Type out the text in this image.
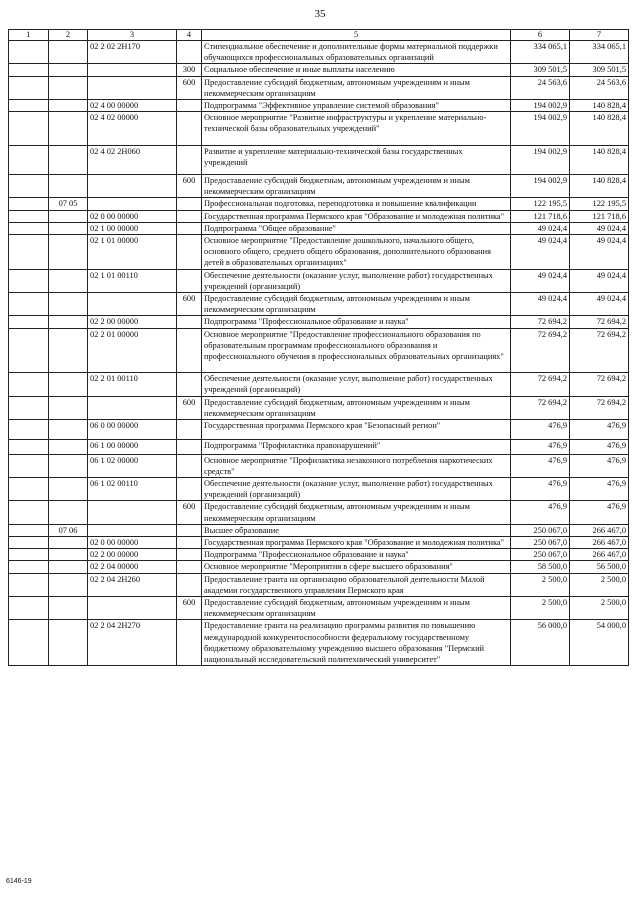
35
1	2	3	4	5	6	7
		02 2 02 2Н170		Стипендиальное обеспечение и дополнительные формы материальной поддержки обучающихся профессиональных образовательных организаций	334 065,1	334 065,1
			300	Социальное обеспечение и иные выплаты населению	309 501,5	309 501,5
			600	Предоставление субсидий бюджетным, автономным учреждениям и иным некоммерческим организациям	24 563,6	24 563,6
		02 4 00 00000		Подпрограмма "Эффективное управление системой образования"	194 002,9	140 828,4
		02 4 02 00000		Основное мероприятие "Развитие инфраструктуры и укрепление материально-технической базы образовательных учреждений"	194 002,9	140 828,4
		02 4 02 2Н060		Развитие и укрепление материально-технической базы государственных учреждений	194 002,9	140 828,4
			600	Предоставление субсидий бюджетным, автономным учреждениям и иным некоммерческим организациям	194 002,9	140 828,4
	07 05			Профессиональная подготовка, переподготовка и повышение квалификации	122 195,5	122 195,5
		02 0 00 00000		Государственная программа Пермского края "Образование и молодежная политика"	121 718,6	121 718,6
		02 1 00 00000		Подпрограмма "Общее образование"	49 024,4	49 024,4
		02 1 01 00000		Основное мероприятие "Предоставление дошкольного, начального общего, основного общего, среднего общего образования, дополнительного образования детей в образовательных организациях"	49 024,4	49 024,4
		02 1 01 00110		Обеспечение деятельности (оказание услуг, выполнение работ) государственных учреждений (организаций)	49 024,4	49 024,4
			600	Предоставление субсидий бюджетным, автономным учреждениям и иным некоммерческим организациям	49 024,4	49 024,4
		02 2 00 00000		Подпрограмма "Профессиональное образование и наука"	72 694,2	72 694,2
		02 2 01 00000		Основное мероприятие "Предоставление профессионального образования по образовательным программам профессионального образования и профессионального обучения в профессиональных образовательных организациях"	72 694,2	72 694,2
		02 2 01 00110		Обеспечение деятельности (оказание услуг, выполнение работ) государственных учреждений (организаций)	72 694,2	72 694,2
			600	Предоставление субсидий бюджетным, автономным учреждениям и иным некоммерческим организациям	72 694,2	72 694,2
		06 0 00 00000		Государственная программа Пермского края "Безопасный регион"	476,9	476,9
		06 1 00 00000		Подпрограмма "Профилактика правонарушений"	476,9	476,9
		06 1 02 00000		Основное мероприятие "Профилактика незаконного потребления наркотических средств"	476,9	476,9
		06 1 02 00110		Обеспечение деятельности (оказание услуг, выполнение работ) государственных учреждений (организаций)	476,9	476,9
			600	Предоставление субсидий бюджетным, автономным учреждениям и иным некоммерческим организациям	476,9	476,9
	07 06			Высшее образование	250 067,0	266 467,0
		02 0 00 00000		Государственная программа Пермского края "Образование и молодежная политика"	250 067,0	266 467,0
		02 2 00 00000		Подпрограмма "Профессиональное образование и наука"	250 067,0	266 467,0
		02 2 04 00000		Основное мероприятие "Мероприятия в сфере высшего образования"	58 500,0	56 500,0
		02 2 04 2Н260		Предоставление гранта на организацию образовательной деятельности Малой академии государственного управления Пермского края	2 500,0	2 500,0
			600	Предоставление субсидий бюджетным, автономным учреждениям и иным некоммерческим организациям	2 500,0	2 500,0
		02 2 04 2Н270		Предоставление гранта на реализацию программы развития по повышению международной конкурентоспособности федеральному государственному бюджетному образовательному учреждению высшего образования "Пермский национальный исследовательский политехнический университет"	56 000,0	54 000,0
6146-19
